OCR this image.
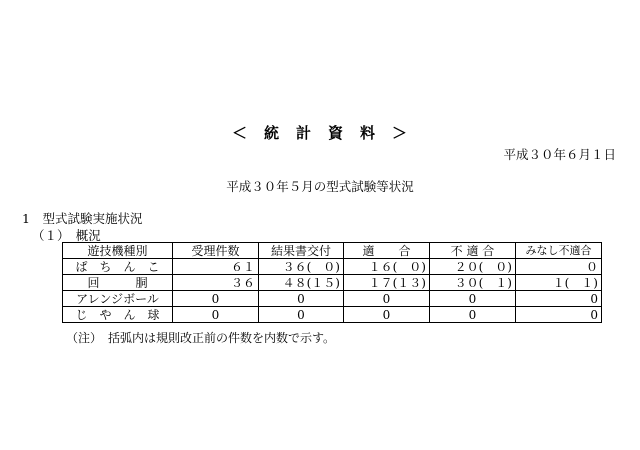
＜　統　計　資　料　＞
平成３０年６月１日
平成３０年５月の型式試験等状況
1　型式試験実施状況
（１）　概況
遊技機種別	受理件数	結果書交付	適　　合	不 適 合	みなし不適合
ぱ　ち　ん　こ	６１	３６(　０)	１６(　０)	２０(　０)	０
回　　　胴	３６	４８(１５)	１７(１３)	３０(　１)	１(　１)
アレンジボール	0	0	0	0	0
じ　や　ん　球	0	0	0	0	0
（注）　括弧内は規則改正前の件数を内数で示す。
